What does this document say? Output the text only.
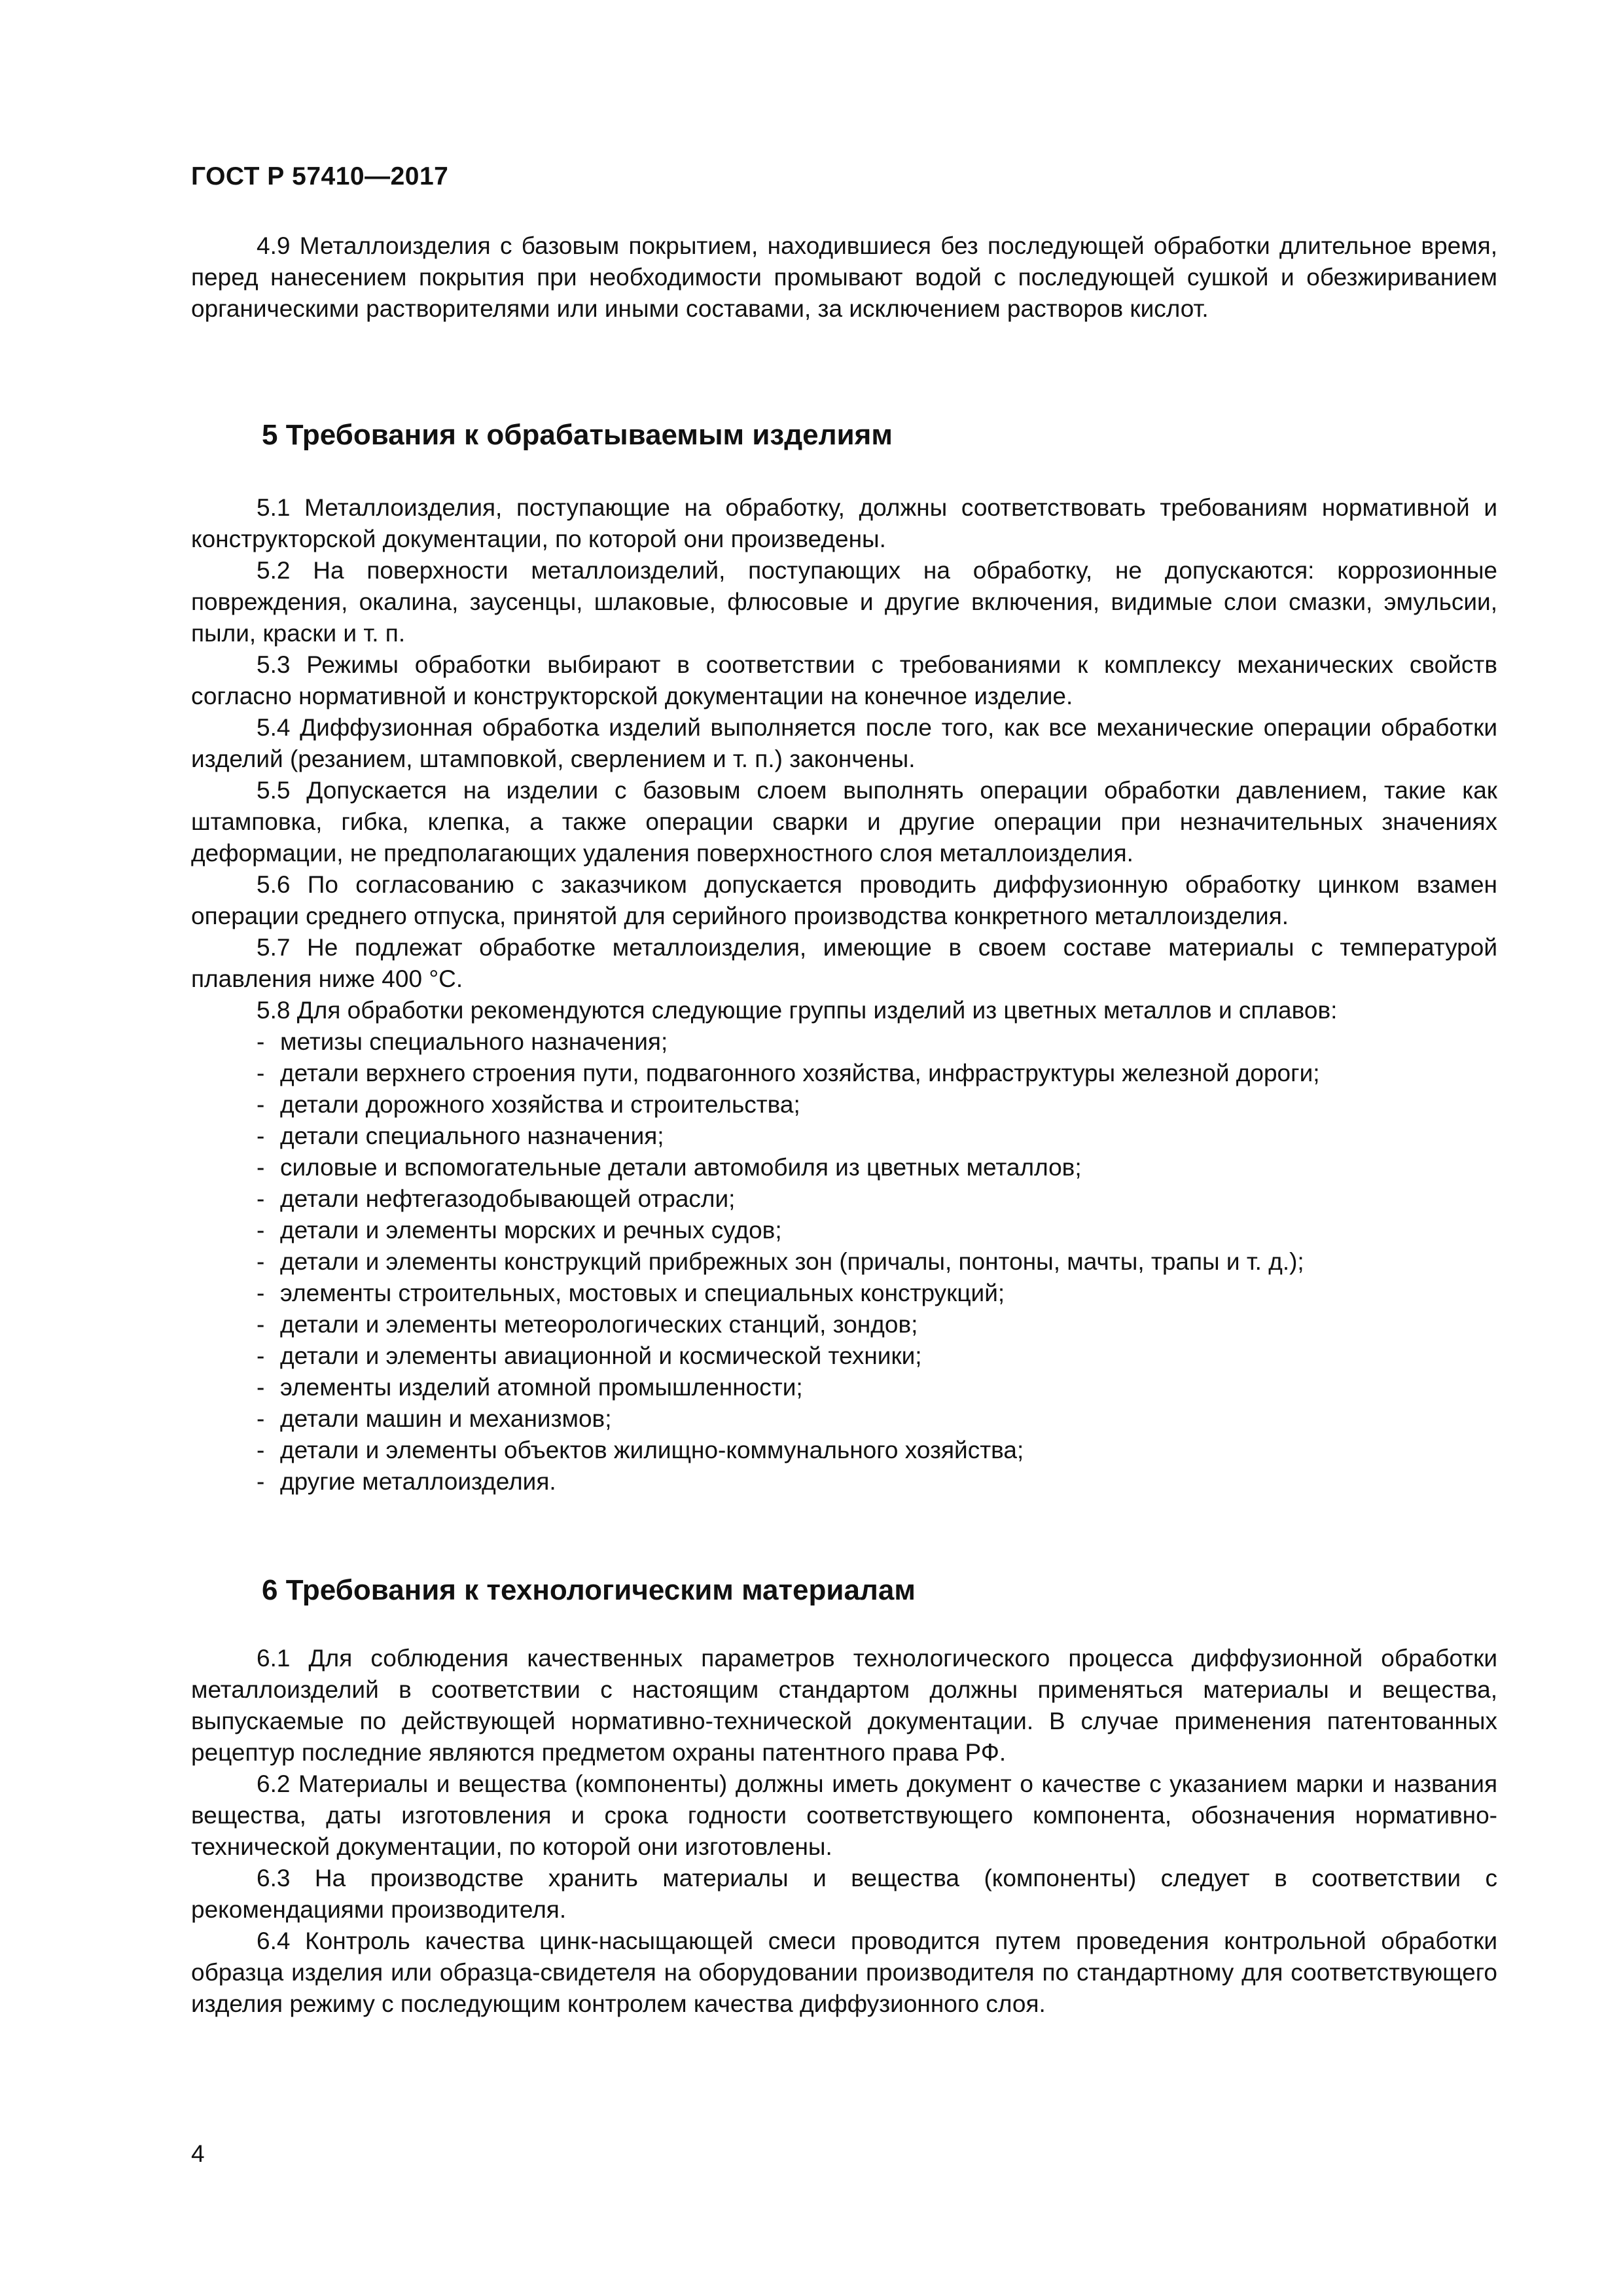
ГОСТ Р 57410—2017

4.9 Металлоизделия с базовым покрытием, находившиеся без последующей обработки длительное время, перед нанесением покрытия при необходимости промывают водой с последующей сушкой и обезжириванием органическими растворителями или иными составами, за исключением растворов кислот.

5 Требования к обрабатываемым изделиям

5.1 Металлоизделия, поступающие на обработку, должны соответствовать требованиям нормативной и конструкторской документации, по которой они произведены.

5.2 На поверхности металлоизделий, поступающих на обработку, не допускаются: коррозионные повреждения, окалина, заусенцы, шлаковые, флюсовые и другие включения, видимые слои смазки, эмульсии, пыли, краски и т. п.

5.3 Режимы обработки выбирают в соответствии с требованиями к комплексу механических свойств согласно нормативной и конструкторской документации на конечное изделие.

5.4 Диффузионная обработка изделий выполняется после того, как все механические операции обработки изделий (резанием, штамповкой, сверлением и т. п.) закончены.

5.5 Допускается на изделии с базовым слоем выполнять операции обработки давлением, такие как штамповка, гибка, клепка, а также операции сварки и другие операции при незначительных значениях деформации, не предполагающих удаления поверхностного слоя металлоизделия.

5.6 По согласованию с заказчиком допускается проводить диффузионную обработку цинком взамен операции среднего отпуска, принятой для серийного производства конкретного металлоизделия.

5.7 Не подлежат обработке металлоизделия, имеющие в своем составе материалы с температурой плавления ниже 400 °С.

5.8 Для обработки рекомендуются следующие группы изделий из цветных металлов и сплавов:

- метизы специального назначения;
- детали верхнего строения пути, подвагонного хозяйства, инфраструктуры железной дороги;
- детали дорожного хозяйства и строительства;
- детали специального назначения;
- силовые и вспомогательные детали автомобиля из цветных металлов;
- детали нефтегазодобывающей отрасли;
- детали и элементы морских и речных судов;
- детали и элементы конструкций прибрежных зон (причалы, понтоны, мачты, трапы и т. д.);
- элементы строительных, мостовых и специальных конструкций;
- детали и элементы метеорологических станций, зондов;
- детали и элементы авиационной и космической техники;
- элементы изделий атомной промышленности;
- детали машин и механизмов;
- детали и элементы объектов жилищно-коммунального хозяйства;
- другие металлоизделия.
6 Требования к технологическим материалам

6.1 Для соблюдения качественных параметров технологического процесса диффузионной обработки металлоизделий в соответствии с настоящим стандартом должны применяться материалы и вещества, выпускаемые по действующей нормативно-технической документации. В случае применения патентованных рецептур последние являются предметом охраны патентного права РФ.

6.2 Материалы и вещества (компоненты) должны иметь документ о качестве с указанием марки и названия вещества, даты изготовления и срока годности соответствующего компонента, обозначения нормативно-технической документации, по которой они изготовлены.

6.3 На производстве хранить материалы и вещества (компоненты) следует в соответствии с рекомендациями производителя.

6.4 Контроль качества цинк-насыщающей смеси проводится путем проведения контрольной обработки образца изделия или образца-свидетеля на оборудовании производителя по стандартному для соответствующего изделия режиму с последующим контролем качества диффузионного слоя.

4
